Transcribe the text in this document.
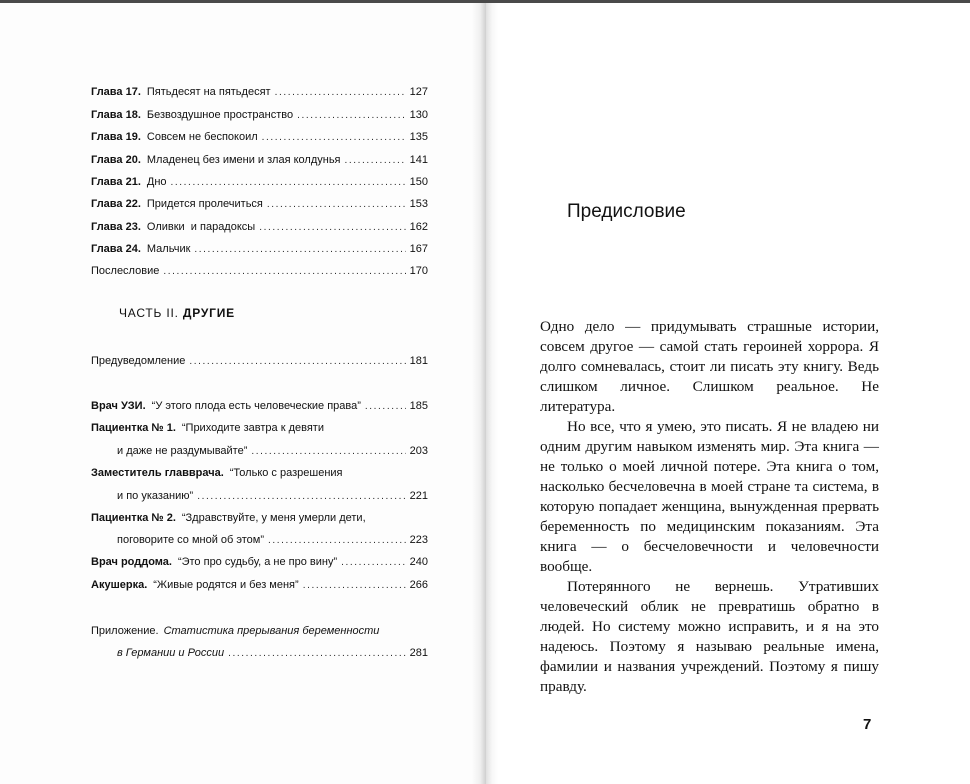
Глава 17. Пятьдесят на пятьдесят .....	127
Глава 18. Безвоздушное пространство .....	130
Глава 19. Совсем не беспокоил .....	135
Глава 20. Младенец без имени и злая колдунья .....	141
Глава 21. Дно .....	150
Глава 22. Придется пролечиться .....	153
Глава 23. Оливки  и парадоксы .....	162
Глава 24. Мальчик .....	167
Послесловие .....	170
ЧАСТЬ II. ДРУГИЕ
Предуведомление .....	181
Врач УЗИ. “У этого плода есть человеческие права” .....	185
Пациентка № 1. “Приходите завтра к девяти
и даже не раздумывайте” .....	203
Заместитель главврача. “Только с разрешения
и по указанию” .....	221
Пациентка № 2. “Здравствуйте, у меня умерли дети,
поговорите со мной об этом” .....	223
Врач роддома. “Это про судьбу, а не про вину” .....	240
Акушерка. “Живые родятся и без меня” .....	266
Приложение. Статистика прерывания беременности
в Германии и России .....	281
Предисловие

Одно дело — придумывать страшные истории, совсем другое — самой стать героиней хоррора. Я долго сомневалась, стоит ли писать эту книгу. Ведь слишком личное. Слишком реальное. Не литература.

Но все, что я умею, это писать. Я не владею ни одним другим навыком изменять мир. Эта книга — не только о моей личной потере. Эта книга о том, насколько бесчеловечна в моей стране та система, в которую попадает женщина, вынужденная прервать беременность по медицинским показаниям. Эта книга — о бесчеловечности и человечности вообще.

Потерянного не вернешь. Утративших человеческий облик не превратишь обратно в людей. Но систему можно исправить, и я на это надеюсь. Поэтому я называю реальные имена, фамилии и названия учреждений. Поэтому я пишу правду.

7
